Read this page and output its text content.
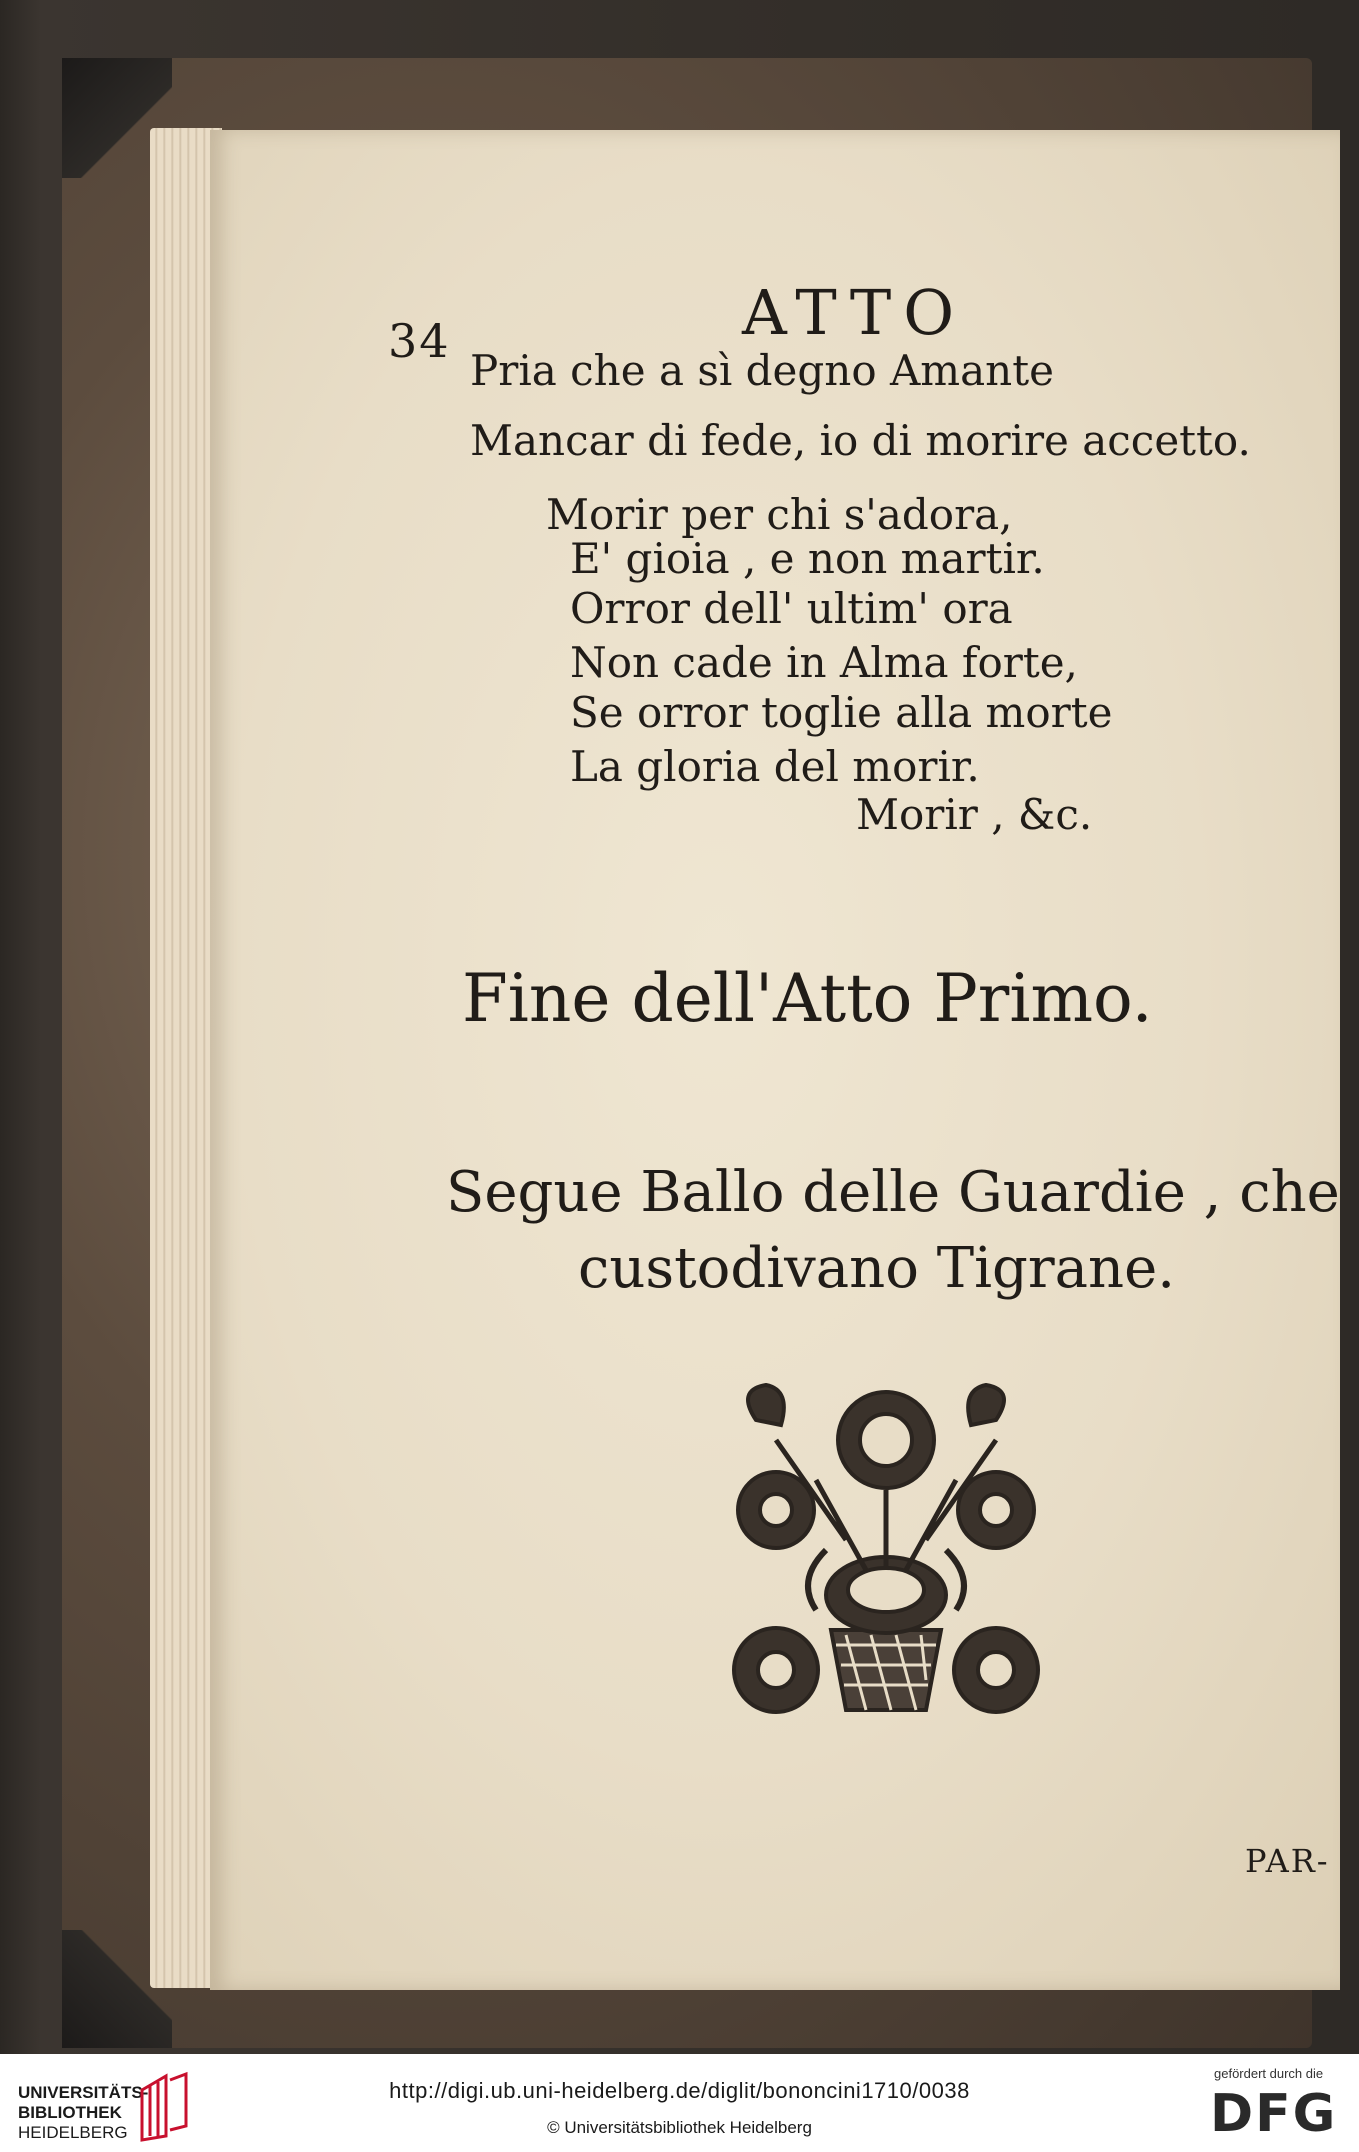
34	ATTO
Pria che a sì degno Amante
Mancar di fede, io di morire accetto.
Morir per chi s'adora,
E' gioia , e non martir.
Orror dell' ultim' ora
Non cade in Alma forte,
Se orror toglie alla morte
La gloria del morir.
Morir , &c.
Fine dell'Atto Primo.
Segue Ballo delle Guardie , che
custodivano Tigrane.
PAR-
UNIVERSITÄTS-
BIBLIOTHEK
HEIDELBERG
http://digi.ub.uni-heidelberg.de/diglit/bononcini1710/0038
© Universitätsbibliothek Heidelberg
gefördert durch die
DFG
